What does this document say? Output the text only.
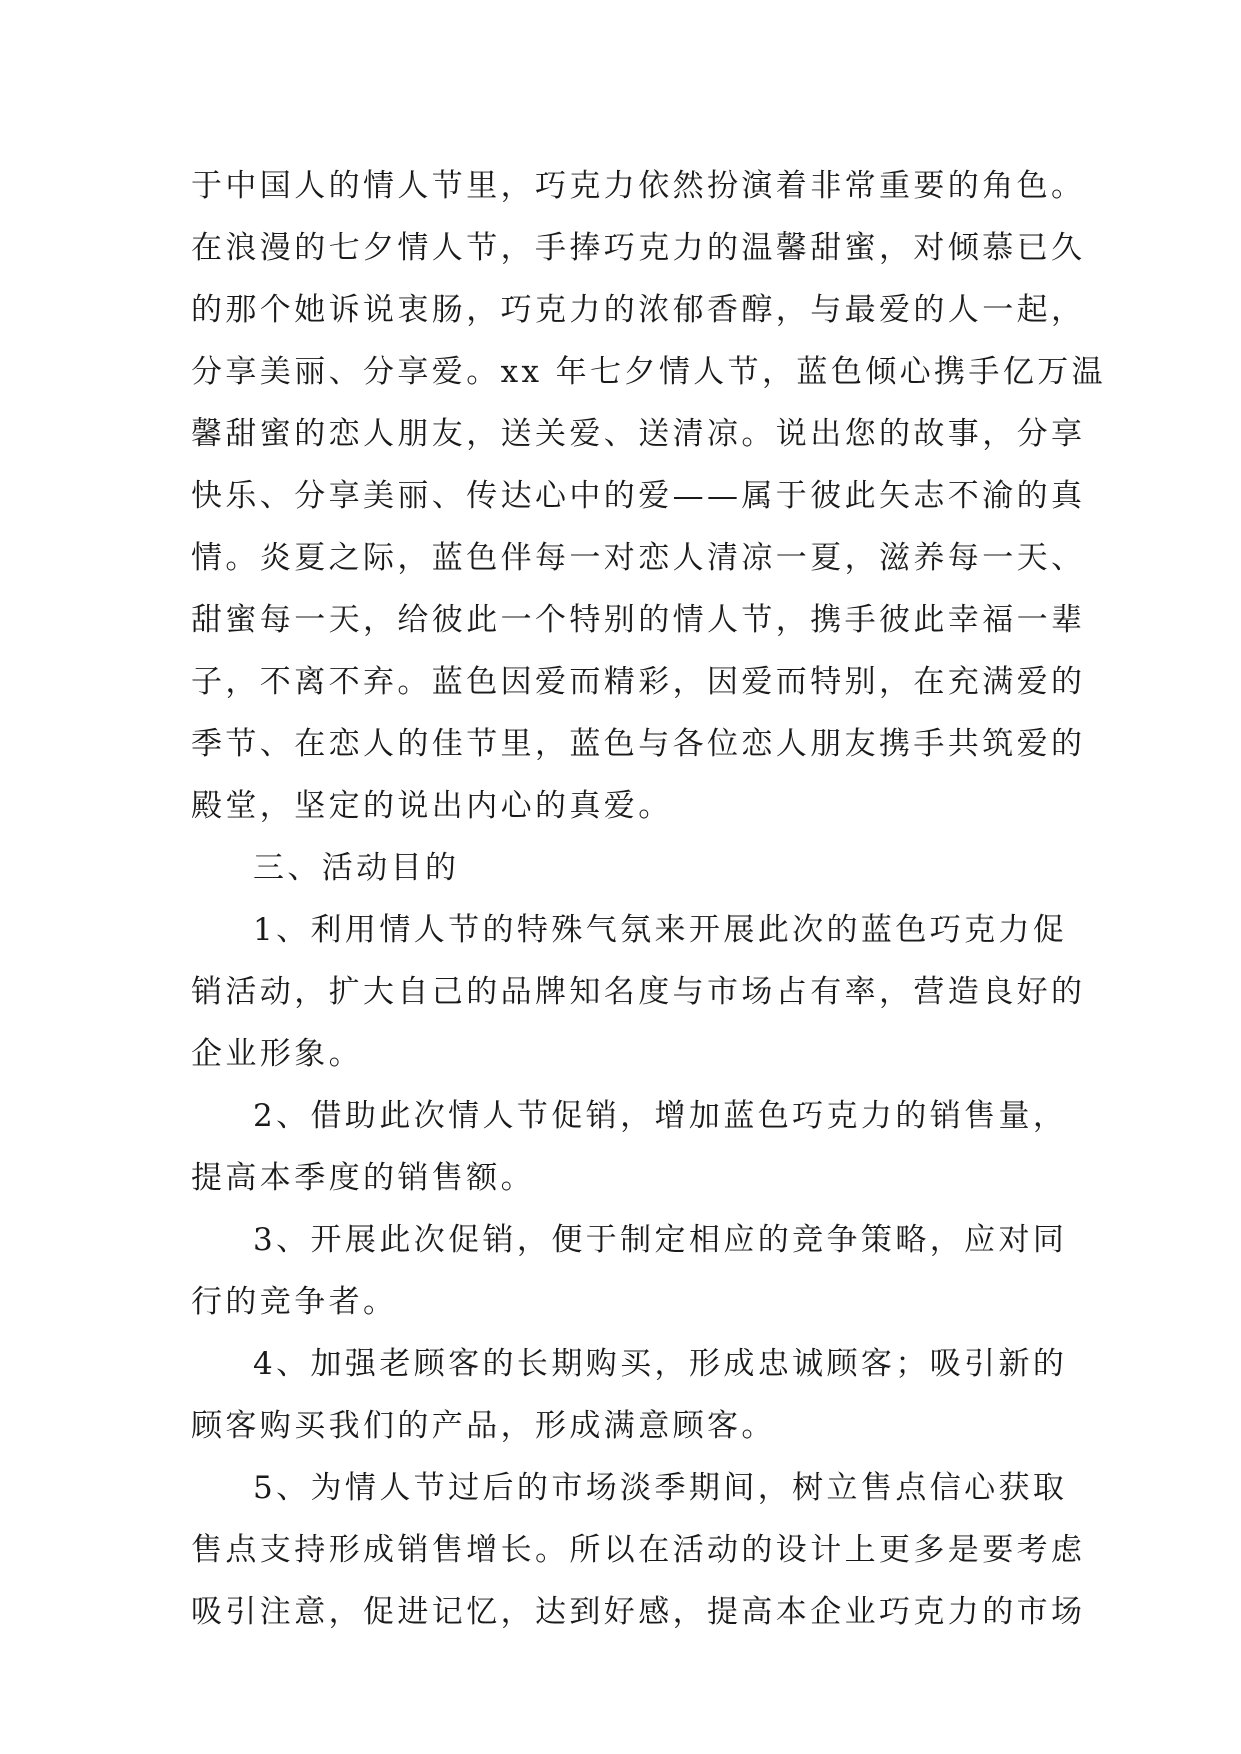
于中国人的情人节里，巧克力依然扮演着非常重要的角色。
在浪漫的七夕情人节，手捧巧克力的温馨甜蜜，对倾慕已久
的那个她诉说衷肠，巧克力的浓郁香醇，与最爱的人一起，
分享美丽、分享爱。xx 年七夕情人节，蓝色倾心携手亿万温
馨甜蜜的恋人朋友，送关爱、送清凉。说出您的故事，分享
快乐、分享美丽、传达心中的爱——属于彼此矢志不渝的真
情。炎夏之际，蓝色伴每一对恋人清凉一夏，滋养每一天、
甜蜜每一天，给彼此一个特别的情人节，携手彼此幸福一辈
子，不离不弃。蓝色因爱而精彩，因爱而特别，在充满爱的
季节、在恋人的佳节里，蓝色与各位恋人朋友携手共筑爱的
殿堂，坚定的说出内心的真爱。
三、活动目的
1、利用情人节的特殊气氛来开展此次的蓝色巧克力促
销活动，扩大自己的品牌知名度与市场占有率，营造良好的
企业形象。
2、借助此次情人节促销，增加蓝色巧克力的销售量，
提高本季度的销售额。
3、开展此次促销，便于制定相应的竞争策略，应对同
行的竞争者。
4、加强老顾客的长期购买，形成忠诚顾客；吸引新的
顾客购买我们的产品，形成满意顾客。
5、为情人节过后的市场淡季期间，树立售点信心获取
售点支持形成销售增长。所以在活动的设计上更多是要考虑
吸引注意，促进记忆，达到好感，提高本企业巧克力的市场
